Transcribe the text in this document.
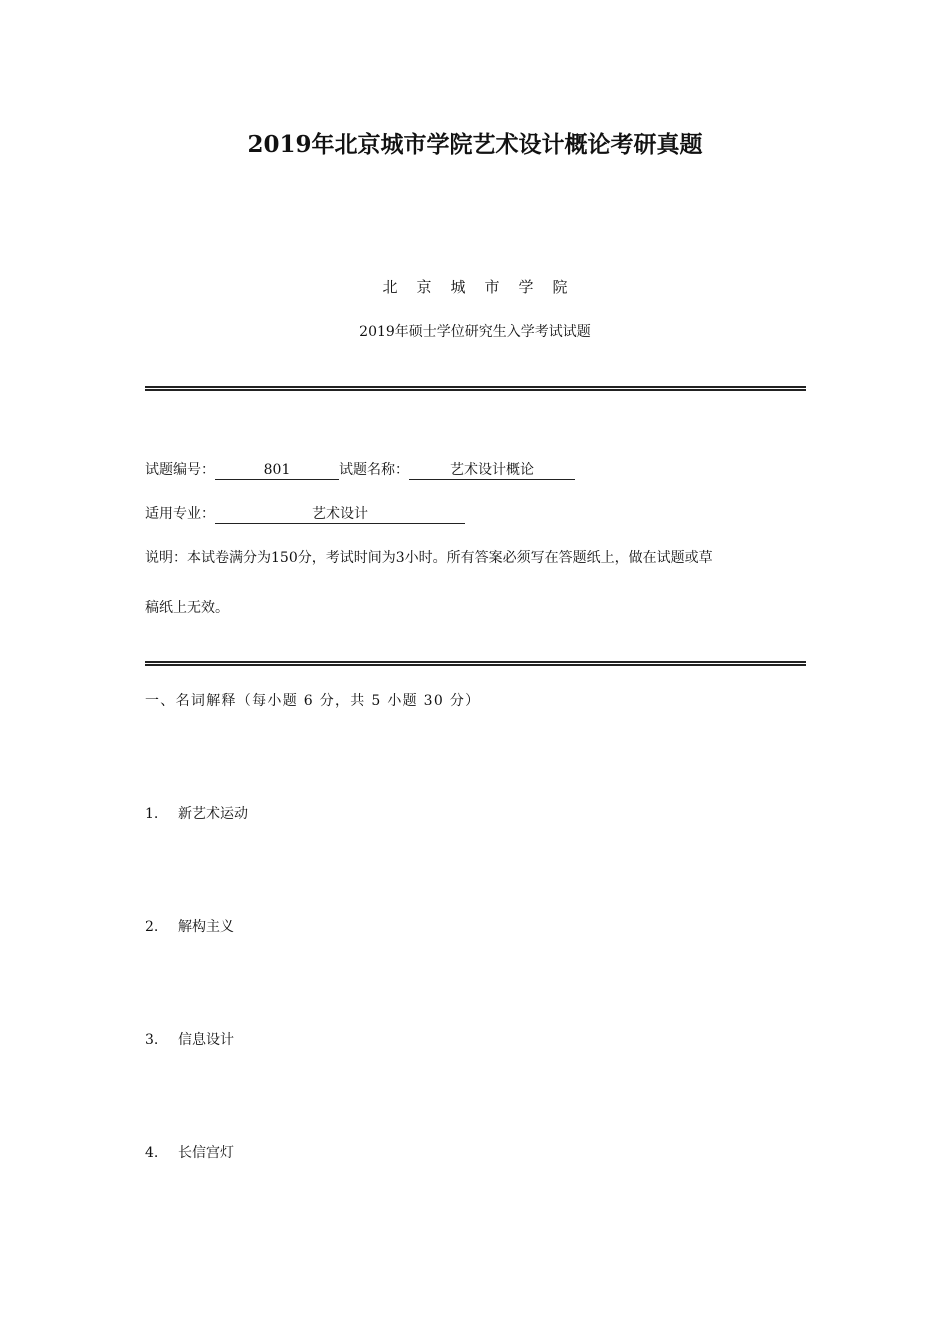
2019年北京城市学院艺术设计概论考研真题
北京城市学院
2019年硕士学位研究生入学考试试题
试题编号：	801	试题名称：	艺术设计概论
适用专业：	艺术设计
说明：本试卷满分为150分，考试时间为3小时。所有答案必须写在答题纸上，做在试题或草
稿纸上无效。
一、名词解释（每小题 6 分，共 5 小题 30 分）
1. 新艺术运动
2. 解构主义
3. 信息设计
4. 长信宫灯
